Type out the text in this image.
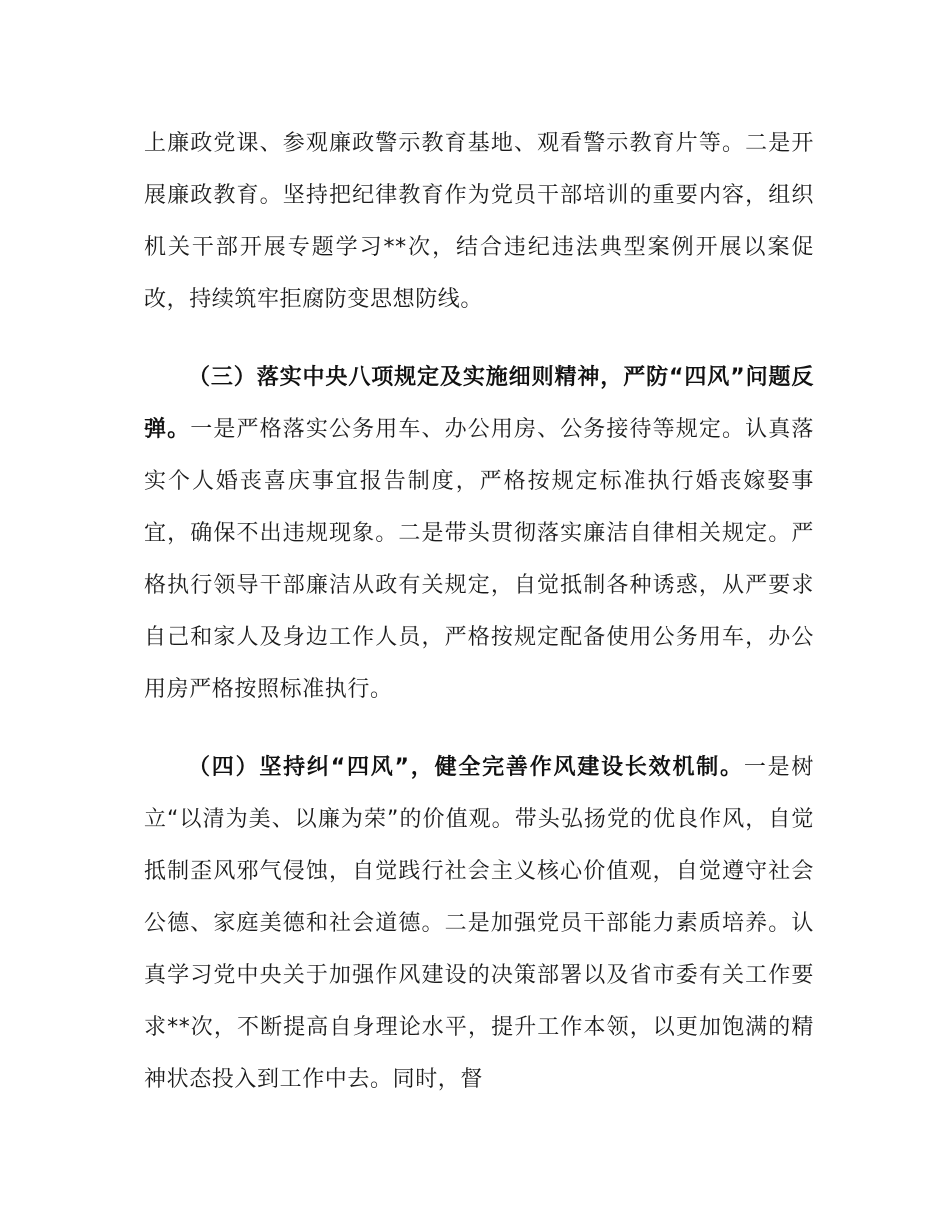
上廉政党课、参观廉政警示教育基地、观看警示教育片等。二是开展廉政教育。坚持把纪律教育作为党员干部培训的重要内容，组织机关干部开展专题学习**次，结合违纪违法典型案例开展以案促改，持续筑牢拒腐防变思想防线。

（三）落实中央八项规定及实施细则精神，严防“四风”问题反弹。一是严格落实公务用车、办公用房、公务接待等规定。认真落实个人婚丧喜庆事宜报告制度，严格按规定标准执行婚丧嫁娶事宜，确保不出违规现象。二是带头贯彻落实廉洁自律相关规定。严格执行领导干部廉洁从政有关规定，自觉抵制各种诱惑，从严要求自己和家人及身边工作人员，严格按规定配备使用公务用车，办公用房严格按照标准执行。

（四）坚持纠“四风”，健全完善作风建设长效机制。一是树立“以清为美、以廉为荣”的价值观。带头弘扬党的优良作风，自觉抵制歪风邪气侵蚀，自觉践行社会主义核心价值观，自觉遵守社会公德、家庭美德和社会道德。二是加强党员干部能力素质培养。认真学习党中央关于加强作风建设的决策部署以及省市委有关工作要求**次，不断提高自身理论水平，提升工作本领，以更加饱满的精神状态投入到工作中去。同时，督
